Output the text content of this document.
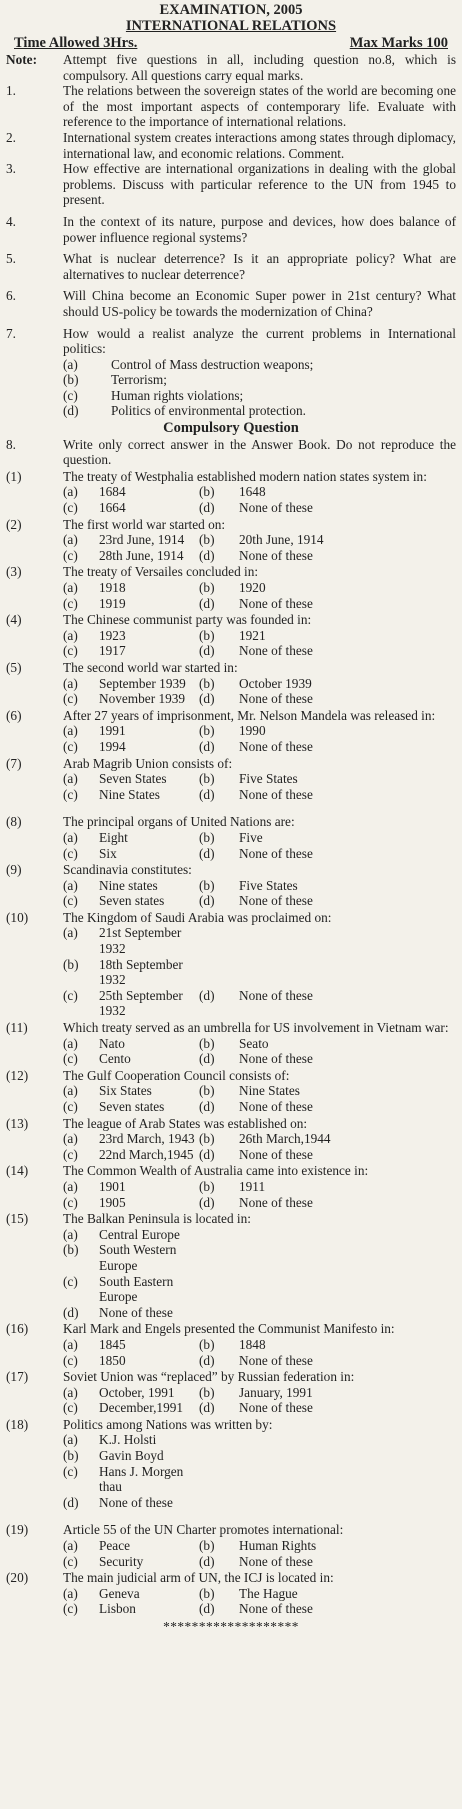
EXAMINATION, 2005
INTERNATIONAL RELATIONS
Time Allowed 3Hrs.	Max Marks 100
Note:	Attempt five questions in all, including question no.8, which is compulsory. All questions carry equal marks.
1.	The relations between the sovereign states of the world are becoming one of the most important aspects of contemporary life. Evaluate with reference to the importance of international relations.
2.	International system creates interactions among states through diplomacy, international law, and economic relations. Comment.
3.	How effective are international organizations in dealing with the global problems. Discuss with particular reference to the UN from 1945 to present.
4.	In the context of its nature, purpose and devices, how does balance of power influence regional systems?
5.	What is nuclear deterrence? Is it an appropriate policy? What are alternatives to nuclear deterrence?
6.	Will China become an Economic Super power in 21st century? What should US-policy be towards the modernization of China?
7.	How would a realist analyze the current problems in International politics:
(a)	Control of Mass destruction weapons;
(b)	Terrorism;
(c)	Human rights violations;
(d)	Politics of environmental protection.
Compulsory Question
8.	Write only correct answer in the Answer Book. Do not reproduce the question.
(1)	The treaty of Westphalia established modern nation states system in:
(a)	1684	(b)	1648
(c)	1664	(d)	None of these
(2)	The first world war started on:
(a)	23rd June, 1914	(b)	20th June, 1914
(c)	28th June, 1914	(d)	None of these
(3)	The treaty of Versailes concluded in:
(a)	1918	(b)	1920
(c)	1919	(d)	None of these
(4)	The Chinese communist party was founded in:
(a)	1923	(b)	1921
(c)	1917	(d)	None of these
(5)	The second world war started in:
(a)	September 1939 (b)	October 1939
(c)	November 1939	(d)	None of these
(6)	After 27 years of imprisonment, Mr. Nelson Mandela was released in:
(a)	1991	(b)	1990
(c)	1994	(d)	None of these
(7)	Arab Magrib Union consists of:
(a)	Seven States	(b)	Five States
(c)	Nine States	(d)	None of these
(8)	The principal organs of United Nations are:
(a)	Eight	(b)	Five
(c)	Six	(d)	None of these
(9)	Scandinavia constitutes:
(a)	Nine states	(b)	Five States
(c)	Seven states	(d)	None of these
(10)	The Kingdom of Saudi Arabia was proclaimed on:
(a)	21st September 1932
(b)	18th September 1932
(c)	25th September 1932
(d)	None of these
(11)	Which treaty served as an umbrella for US involvement in Vietnam war:
(a)	Nato	(b)	Seato
(c)	Cento	(d)	None of these
(12)	The Gulf Cooperation Council consists of:
(a)	Six States	(b)	Nine States
(c)	Seven states	(d)	None of these
(13)	The league of Arab States was established on:
(a)	23rd March, 1943 (b)	26th March,1944
(c)	22nd March,1945 (d)	None of these
(14)	The Common Wealth of Australia came into existence in:
(a)	1901	(b)	1911
(c)	1905	(d)	None of these
(15)	The Balkan Peninsula is located in:
(a)	Central Europe
(b)	South Western Europe
(c)	South Eastern Europe
(d)	None of these
(16)	Karl Mark and Engels presented the Communist Manifesto in:
(a)	1845	(b)	1848
(c)	1850	(d)	None of these
(17)	Soviet Union was “replaced” by Russian federation in:
(a)	October, 1991	(b)	January, 1991
(c)	December,1991	(d)	None of these
(18)	Politics among Nations was written by:
(a)	K.J. Holsti
(b)	Gavin Boyd
(c)	Hans J. Morgen thau
(d)	None of these
(19)	Article 55 of the UN Charter promotes international:
(a)	Peace	(b)	Human Rights
(c)	Security	(d)	None of these
(20)	The main judicial arm of UN, the ICJ is located in:
(a)	Geneva	(b)	The Hague
(c)	Lisbon	(d)	None of these
*******************
